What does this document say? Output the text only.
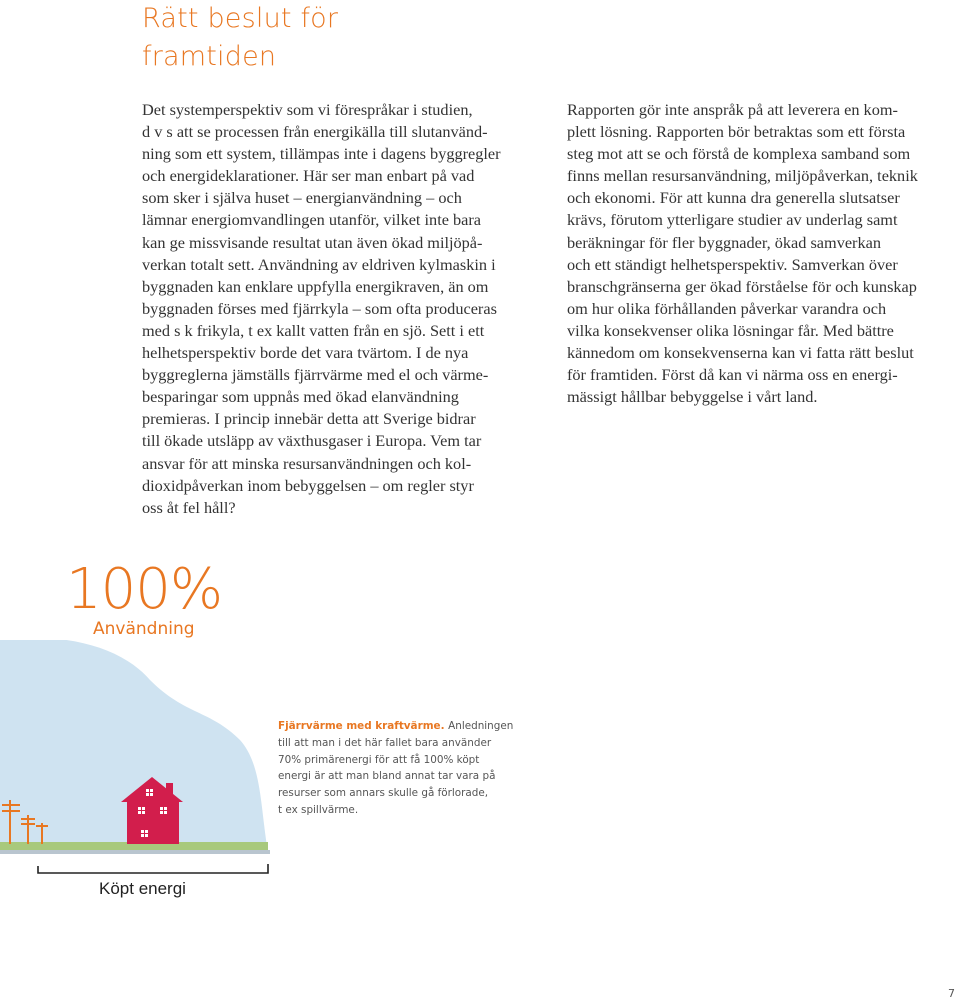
Rätt beslut för
framtiden
Det systemperspektiv som vi förespråkar i studien,
d v s att se processen från energikälla till slutanvänd-
ning som ett system, tillämpas inte i dagens byggregler
och energideklarationer. Här ser man enbart på vad
som sker i själva huset – energianvändning – och
lämnar energiomvandlingen utanför, vilket inte bara
kan ge missvisande resultat utan även ökad miljöpå-
verkan totalt sett. Användning av eldriven kylmaskin i
byggnaden kan enklare uppfylla energikraven, än om
byggnaden förses med fjärrkyla – som ofta produceras
med s k frikyla, t ex kallt vatten från en sjö. Sett i ett
helhetsperspektiv borde det vara tvärtom. I de nya
byggreglerna jämställs fjärrvärme med el och värme-
besparingar som uppnås med ökad elanvändning
premieras. I princip innebär detta att Sverige bidrar
till ökade utsläpp av växthusgaser i Europa. Vem tar
ansvar för att minska resursanvändningen och kol-
dioxidpåverkan inom bebyggelsen – om regler styr
oss åt fel håll?
Rapporten gör inte anspråk på att leverera en kom-
plett lösning. Rapporten bör betraktas som ett första
steg mot att se och förstå de komplexa samband som
finns mellan resursanvändning, miljöpåverkan, teknik
och ekonomi. För att kunna dra generella slutsatser
krävs, förutom ytterligare studier av underlag samt
beräkningar för fler byggnader, ökad samverkan
och ett ständigt helhetsperspektiv. Samverkan över
branschgränserna ger ökad förståelse för och kunskap
om hur olika förhållanden påverkar varandra och
vilka konsekvenser olika lösningar får. Med bättre
kännedom om konsekvenserna kan vi fatta rätt beslut
för framtiden. Först då kan vi närma oss en energi-
mässigt hållbar bebyggelse i vårt land.
100%
Användning
Fjärrvärme med kraftvärme. Anledningen
till att man i det här fallet bara använder
70% primärenergi för att få 100% köpt
energi är att man bland annat tar vara på
resurser som annars skulle gå förlorade,
t ex spillvärme.
Köpt energi
7
